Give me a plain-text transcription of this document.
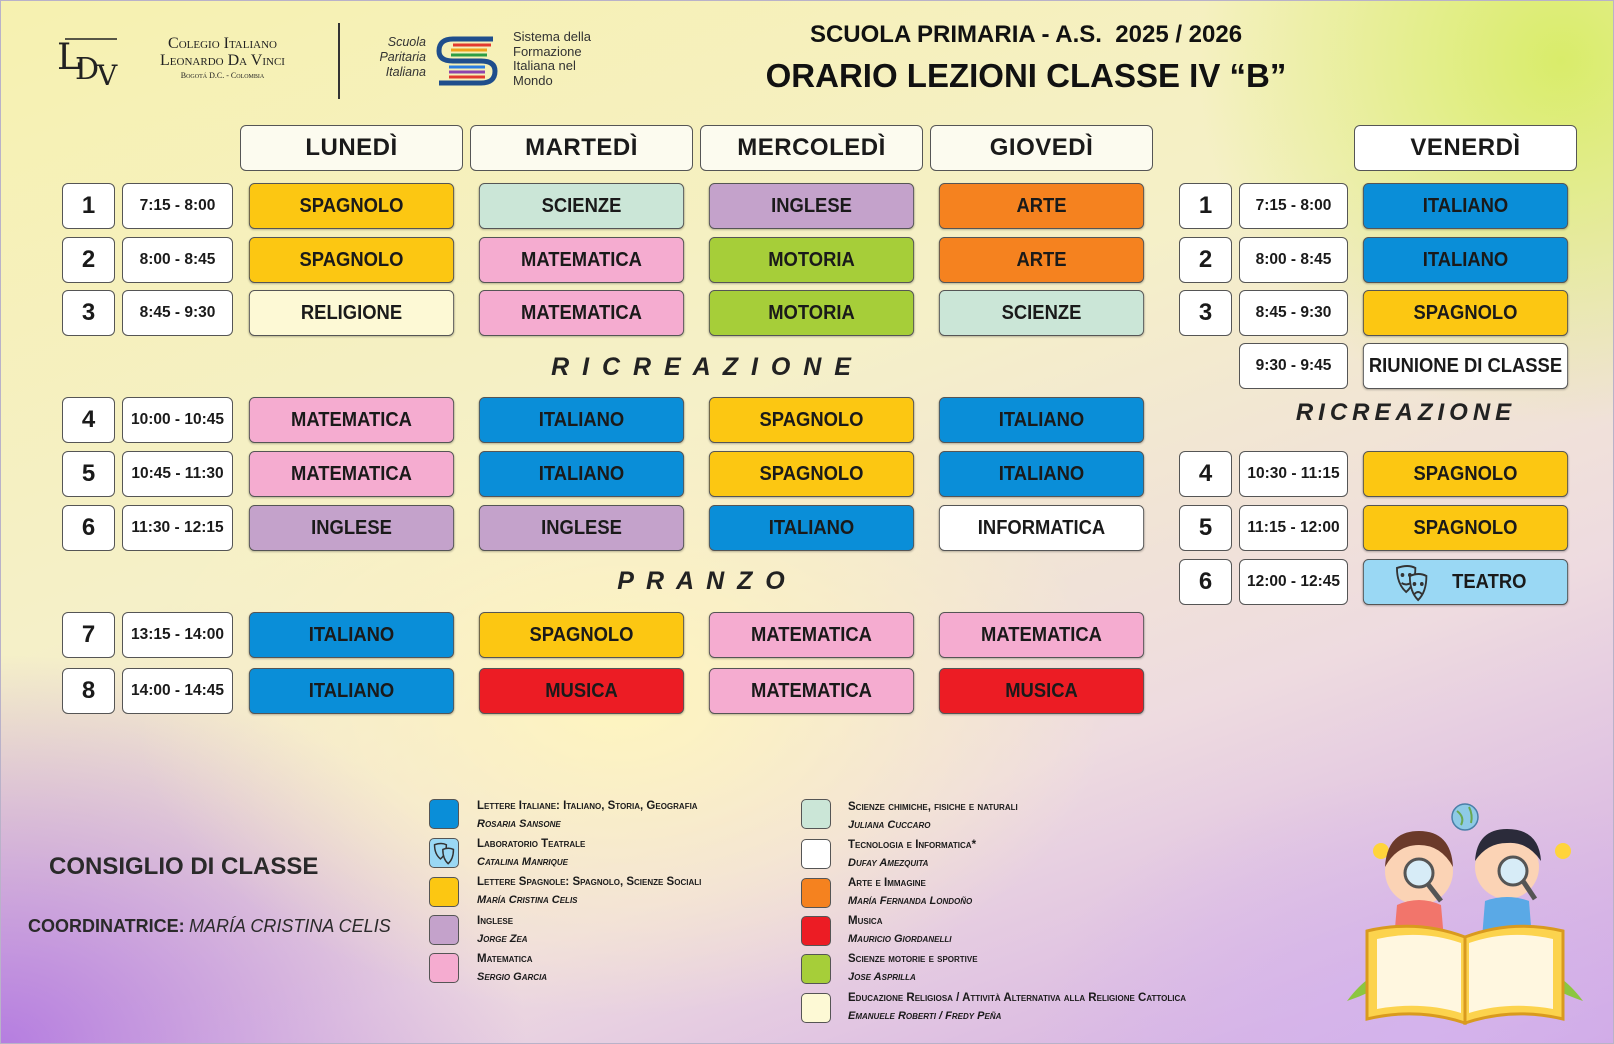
L
D
V
Colegio Italiano
Leonardo Da Vinci
Bogotá D.C. - Colombia
Scuola
Paritaria
Italiana
Sistema della
Formazione
Italiana nel
Mondo
SCUOLA PRIMARIA - A.S.  2025 / 2026
ORARIO LEZIONI CLASSE IV “B”
LUNEDÌ	MARTEDÌ	MERCOLEDÌ	GIOVEDÌ	VENERDÌ
1	7:15 - 8:00	SPAGNOLO	SCIENZE	INGLESE	ARTE
2	8:00 - 8:45	SPAGNOLO	MATEMATICA	MOTORIA	ARTE
3	8:45 - 9:30	RELIGIONE	MATEMATICA	MOTORIA	SCIENZE
R I C R E A Z I O N E
4	10:00 - 10:45	MATEMATICA	ITALIANO	SPAGNOLO	ITALIANO
5	10:45 - 11:30	MATEMATICA	ITALIANO	SPAGNOLO	ITALIANO
6	11:30 - 12:15	INGLESE	INGLESE	ITALIANO	INFORMATICA
P R A N Z O
7	13:15 - 14:00	ITALIANO	SPAGNOLO	MATEMATICA	MATEMATICA
8	14:00 - 14:45	ITALIANO	MUSICA	MATEMATICA	MUSICA
1	7:15 - 8:00	ITALIANO
2	8:00 - 8:45	ITALIANO
3	8:45 - 9:30	SPAGNOLO
9:30 - 9:45	RIUNIONE DI CLASSE
RICREAZIONE
4	10:30 - 11:15	SPAGNOLO
5	11:15 - 12:00	SPAGNOLO
6	12:00 - 12:45	TEATRO
CONSIGLIO DI CLASSE
COORDINATRICE: MARÍA CRISTINA CELIS
Lettere Italiane: Italiano, Storia, Geografia
Rosaria Sansone
Laboratorio Teatrale
Catalina Manrique
Lettere Spagnole: Spagnolo, Scienze Sociali
María Cristina Celis
Inglese
Jorge Zea
Matematica
Sergio Garcia
Scienze chimiche, fisiche e naturali
Juliana Cuccaro
Tecnologia e Informatica*
Dufay Amezquita
Arte e Immagine
María Fernanda Londoño
Musica
Mauricio Giordanelli
Scienze motorie e sportive
Jose Asprilla
Educazione Religiosa / Attività Alternativa alla Religione Cattolica
Emanuele Roberti / Fredy Peña
